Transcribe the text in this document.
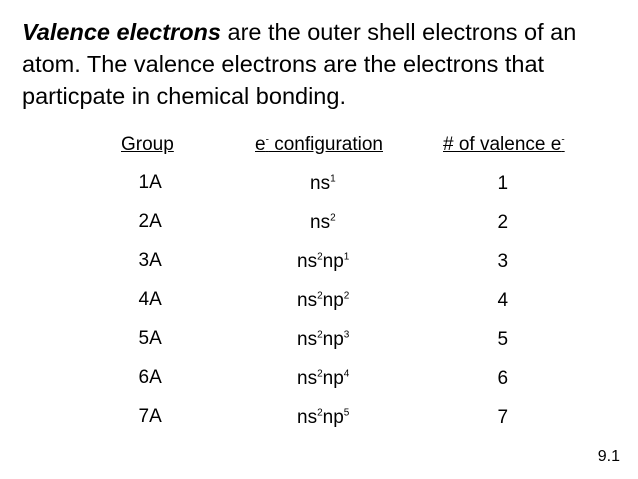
Valence electrons are the outer shell electrons of an atom. The valence electrons are the electrons that particpate in chemical bonding.
Group	e- configuration	# of valence e-
1A	$ns^1$	1
2A	$ns^2$	2
3A	$ns^2np^1$	3
4A	$ns^2np^2$	4
5A	$ns^2np^3$	5
6A	$ns^2np^4$	6
7A	$ns^2np^5$	7
9.1
